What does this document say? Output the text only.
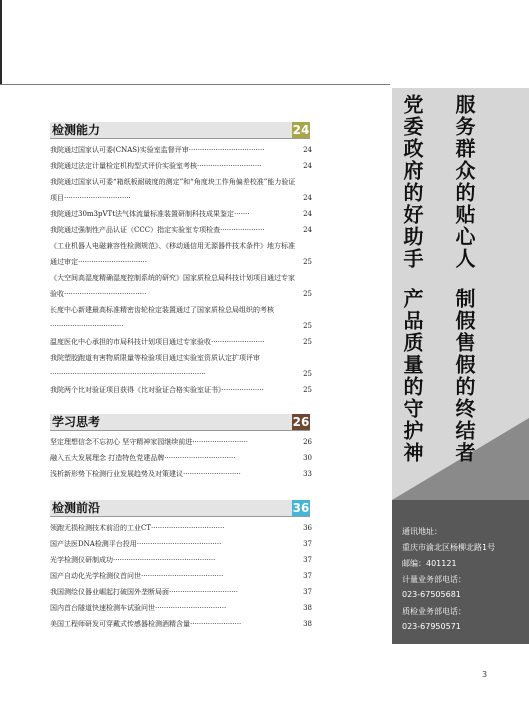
检测能力	24
我院通过国家认可委(CNAS)实验室监督评审··································	24
我院通过法定计量检定机构型式评价实验室考核·····························	24
我院通过国家认可委“箱纸板耐破度的测定”和“角度块工作角偏差校准”能力验证项目······························	24
我院通过30m3pVTt法气体流量标准装置研制科技成果鉴定·······	24
我院通过强制性产品认证（CCC）指定实验室专项检查····················	24
《工业机器人电磁兼容性检测规范》、《移动通信用无源器件技术条件》地方标准通过审定·······························	25
《大空间高湿度精确湿度控制系统的研究》国家质检总局科技计划项目通过专家验收·····································	25
长度中心新建最高标准精密齿轮检定装置通过了国家质检总局组织的考核·································	25
温度医化中心承担的市局科技计划项目通过专家验收························	25
我院塑胶跑道有害物质限量等检验项目通过实验室资质认定扩项评审······································································	25
我院两个比对验证项目获得《比对验证合格实验室证书》···················	25
学习思考	26
坚定理想信念不忘初心 坚守精神家园继续前进·························	26
融入五大发展理念 打造特色党建品牌································	30
浅析新形势下检测行业发展趋势及对策建议··························	33
检测前沿	36
领跑无损检测技术前沿的工业CT·································	36
国产法医DNA检测平台投用······································	37
光学检测仪研制成功··············································	37
国产自动化光学检测仪首问世·····································	37
我国测绘仪器业崛起打破国外垄断局面·······························	37
国内首台隧道快速检测车试验问世································	38
美国工程师研发可穿戴式传感器检测酒精含量·······················	38
服务群众的贴心人
党委政府的好助手
制假售假的终结者
产品质量的守护神
通讯地址：
重庆市渝北区杨柳北路1号
邮编：401121
计量业务部电话：
023-67505681
质检业务部电话：
023-67950571
3
